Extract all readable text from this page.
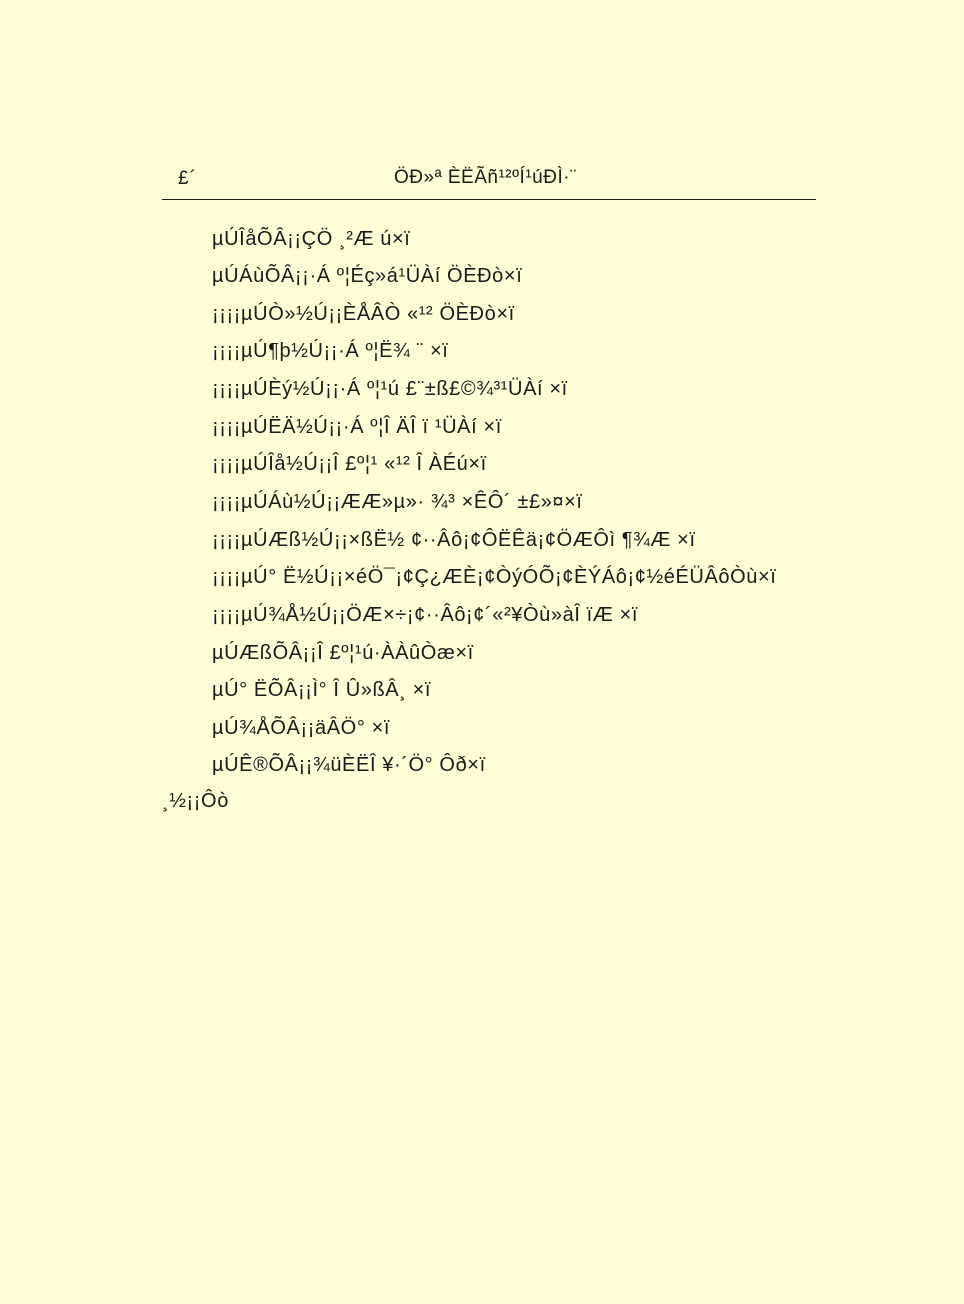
£´	ÖÐ»ª ÈËÃñ¹²ºÍ¹úÐÌ·¨
µÚÎåÕÂ¡¡ÇÖ ¸²Æ ú×ï
µÚÁùÕÂ¡¡·Á º¦Éç»á¹ÜÀí ÖÈÐò×ï
¡¡¡¡µÚÒ»½Ú¡¡ÈÅÂÒ «¹² ÖÈÐò×ï
¡¡¡¡µÚ¶þ½Ú¡¡·Á º¦Ë¾ ¨ ×ï
¡¡¡¡µÚÈý½Ú¡¡·Á º¦¹ú £¨±ß£©¾³¹ÜÀí ×ï
¡¡¡¡µÚËÄ½Ú¡¡·Á º¦Î ÄÎ ï ¹ÜÀí ×ï
¡¡¡¡µÚÎå½Ú¡¡Î £º¦¹ «¹² Î ÀÉú×ï
¡¡¡¡µÚÁù½Ú¡¡ÆÆ»µ»· ¾³ ×ÊÔ´ ±£»¤×ï
¡¡¡¡µÚÆß½Ú¡¡×ßË½ ¢··Âô¡¢ÔËÊä¡¢ÖÆÔì ¶¾Æ ×ï
¡¡¡¡µÚ° Ë½Ú¡¡×éÖ¯¡¢Ç¿ÆÈ¡¢ÒýÓÕ¡¢ÈÝÁô¡¢½éÉÜÂôÒù×ï
¡¡¡¡µÚ¾Å½Ú¡¡ÖÆ×÷¡¢··Âô¡¢´«²¥Òù»àÎ ïÆ ×ï
µÚÆßÕÂ¡¡Î £º¦¹ú·ÀÀûÒæ×ï
µÚ° ËÕÂ¡¡Ì° Î Û»ßÂ¸ ×ï
µÚ¾ÅÕÂ¡¡äÂÖ° ×ï
µÚÊ®ÕÂ¡¡¾üÈËÎ ¥·´Ö° Ôð×ï
¸½¡¡Ôò
